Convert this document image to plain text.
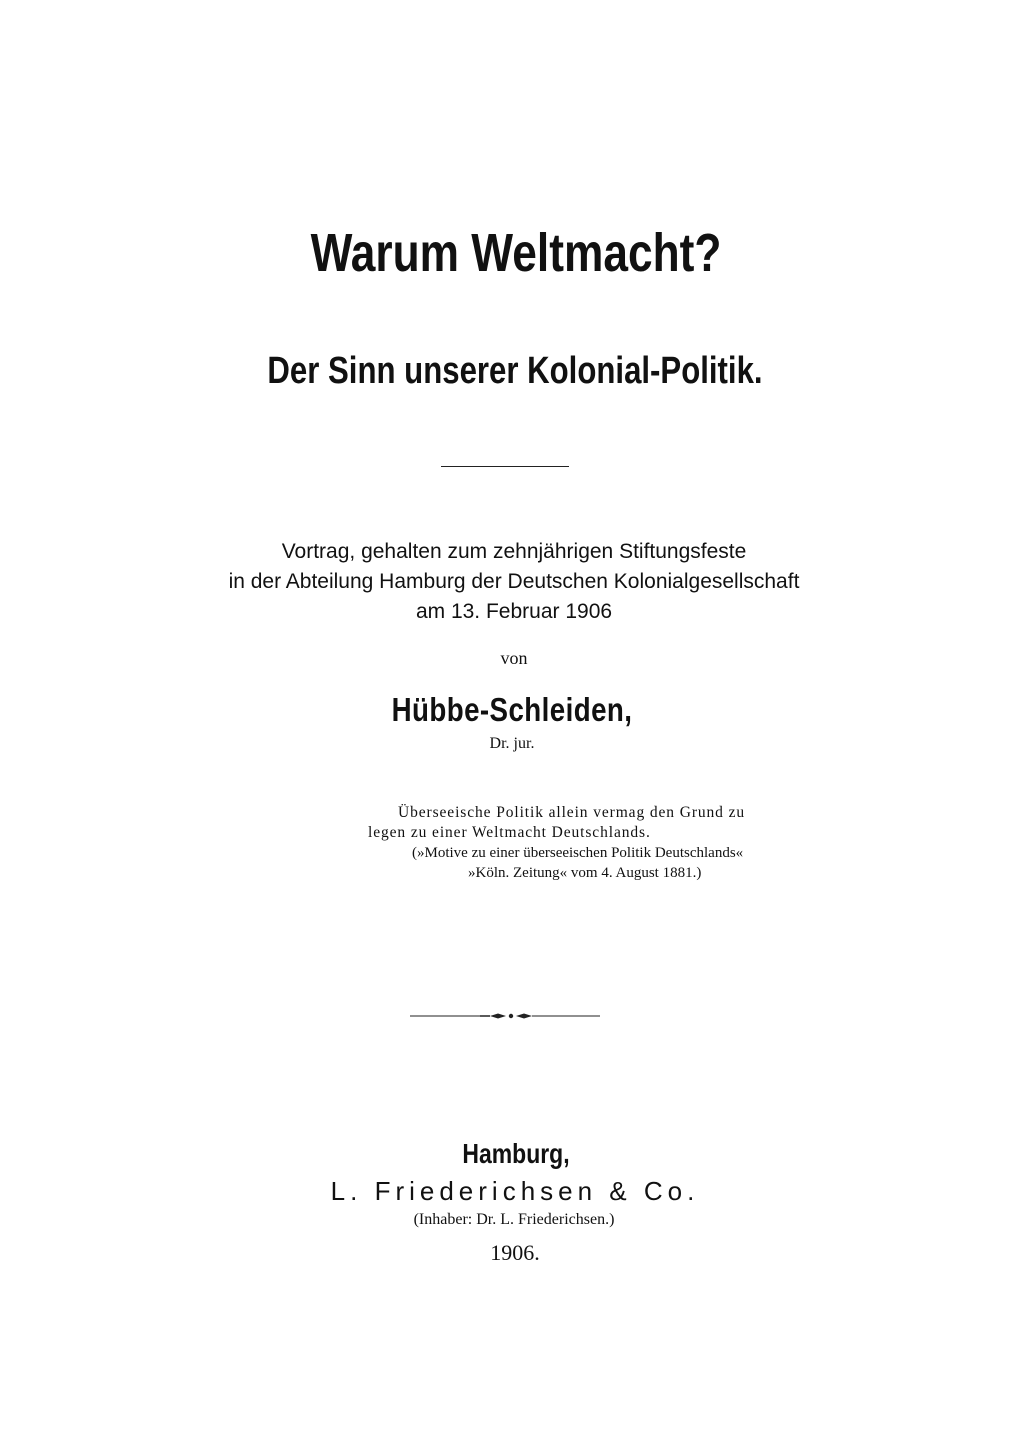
Warum Weltmacht?
Der Sinn unserer Kolonial-Politik.
Vortrag, gehalten zum zehnjährigen Stiftungsfeste
in der Abteilung Hamburg der Deutschen Kolonialgesellschaft
am 13. Februar 1906
von
Hübbe-Schleiden,
Dr. jur.
Überseeische Politik allein vermag den Grund zu
legen zu einer Weltmacht Deutschlands.
(»Motive zu einer überseeischen Politik Deutschlands«
»Köln. Zeitung« vom 4. August 1881.)
Hamburg,
L. Friederichsen & Co.
(Inhaber: Dr. L. Friederichsen.)
1906.
